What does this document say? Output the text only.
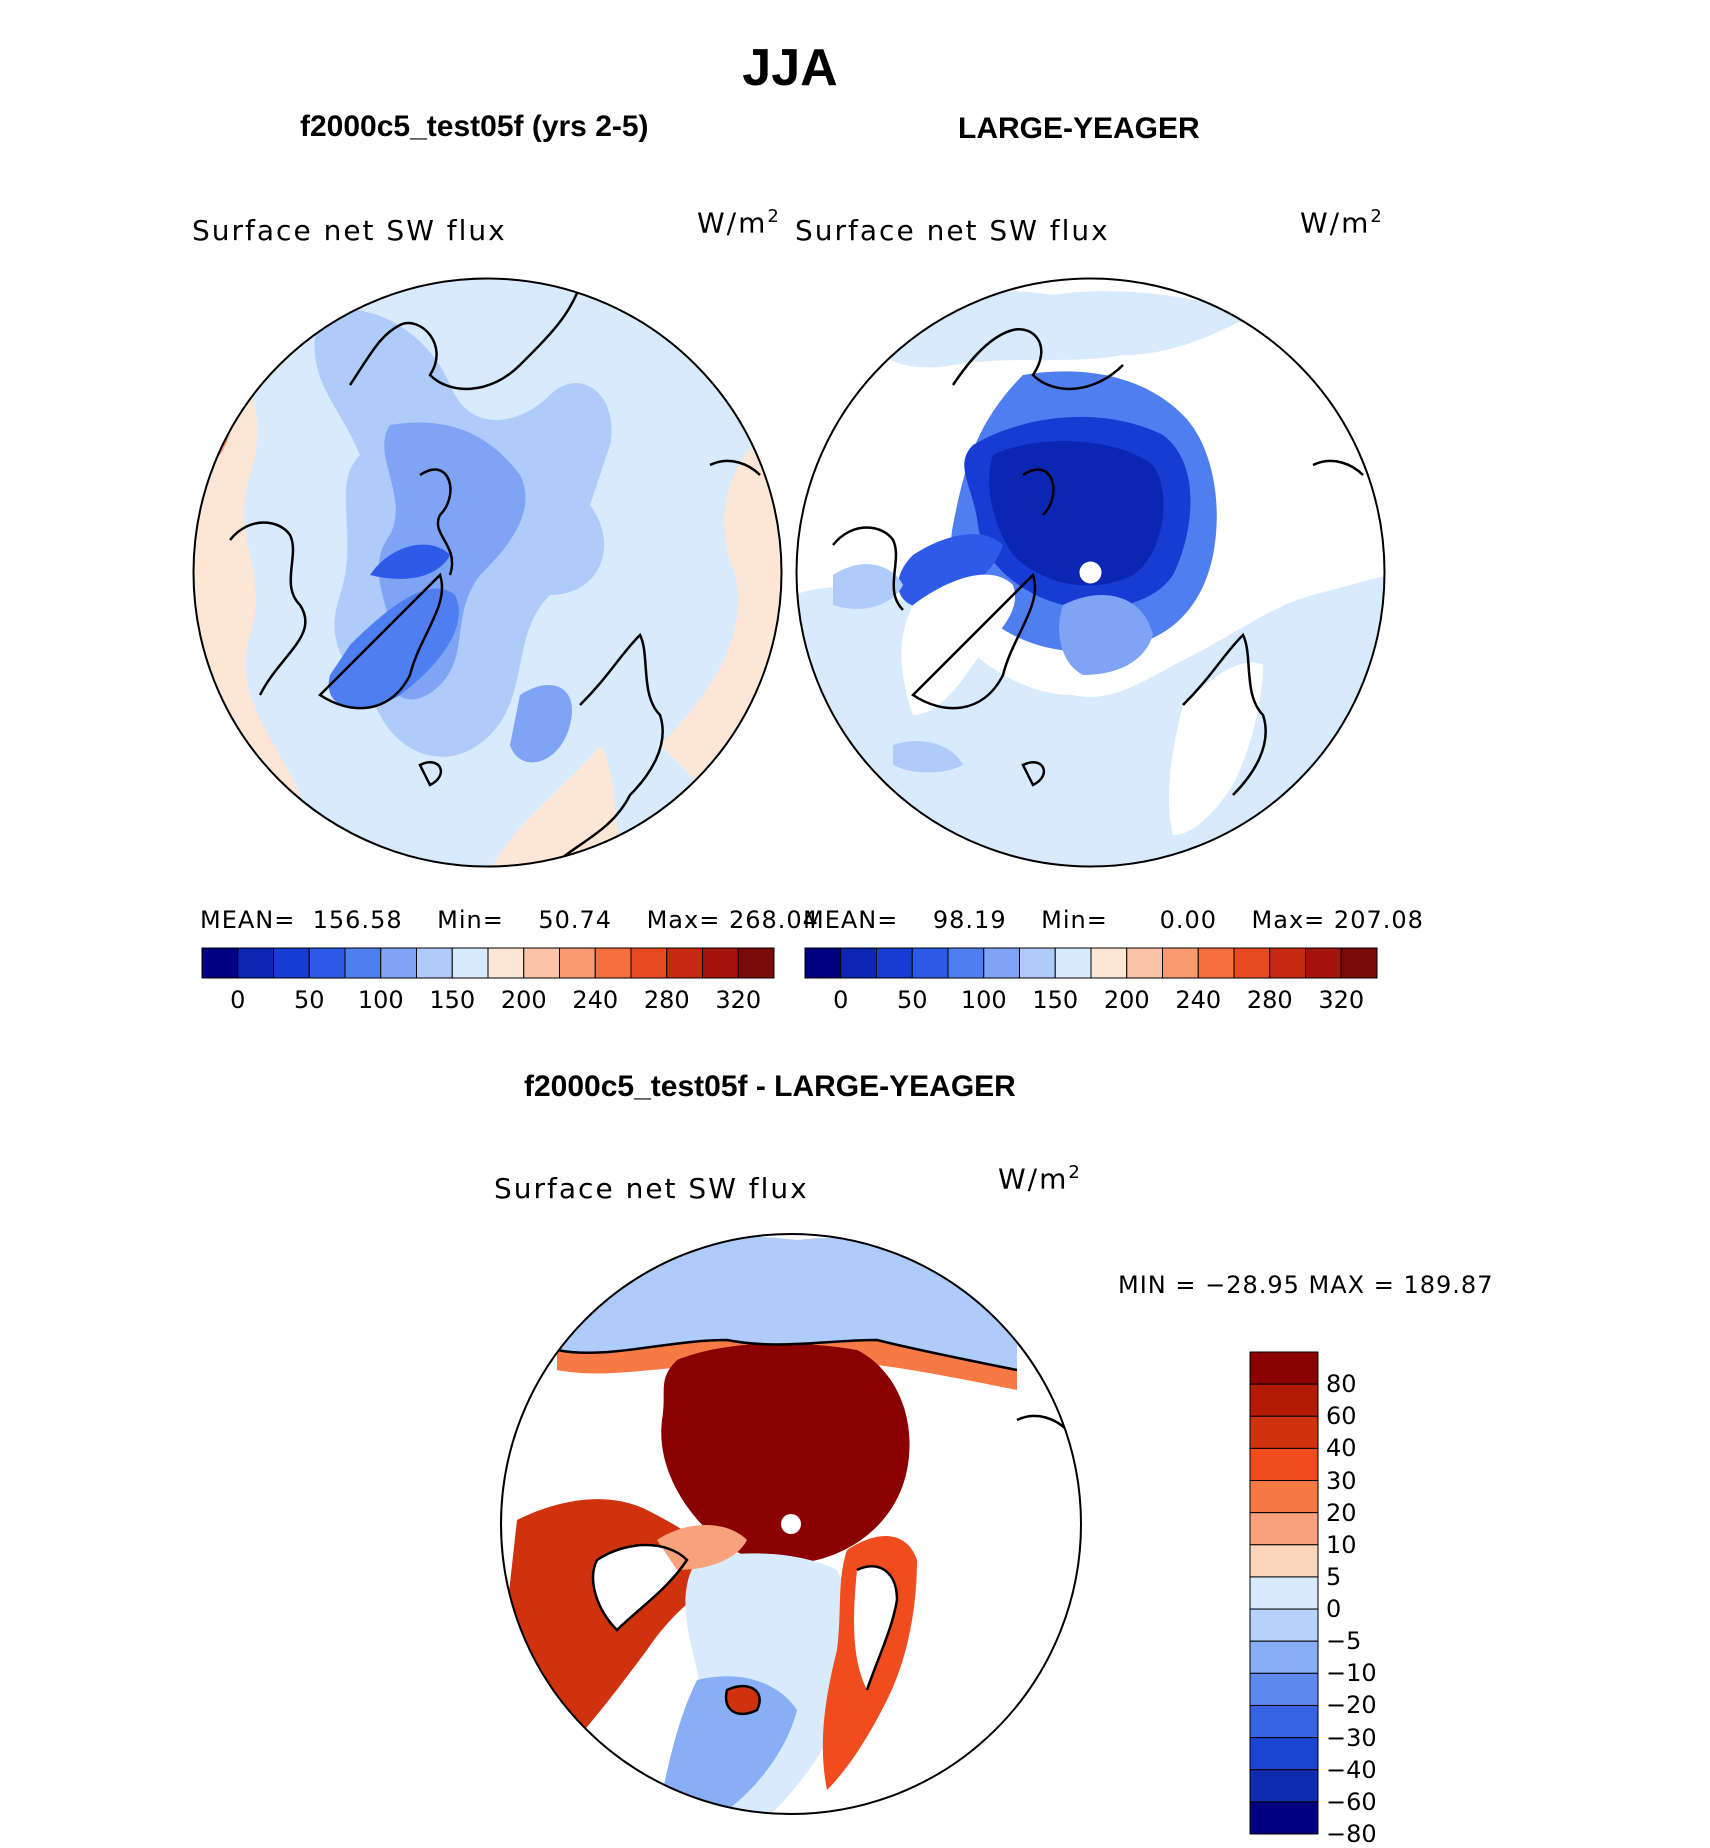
JJA
f2000c5_test05f (yrs 2-5)	LARGE-YEAGER
f2000c5_test05f - LARGE-YEAGER
Surface net SW flux	$W/m^2$ Surface net SW flux	$W/m^2$
Surface net SW flux	$W/m^2$
MEAN= 156.58 Min= 50.74 Max= 268.04
MEAN= 98.19 Min= 0.00 Max= 207.08
0	50	100 150 200 240 280 320	0	50	100 150 200 240 280 320
MIN = −28.95 MAX = 189.87
80
60
40
30
20
10
5
0
−5
−10
−20
−30
−40
−60
−80
